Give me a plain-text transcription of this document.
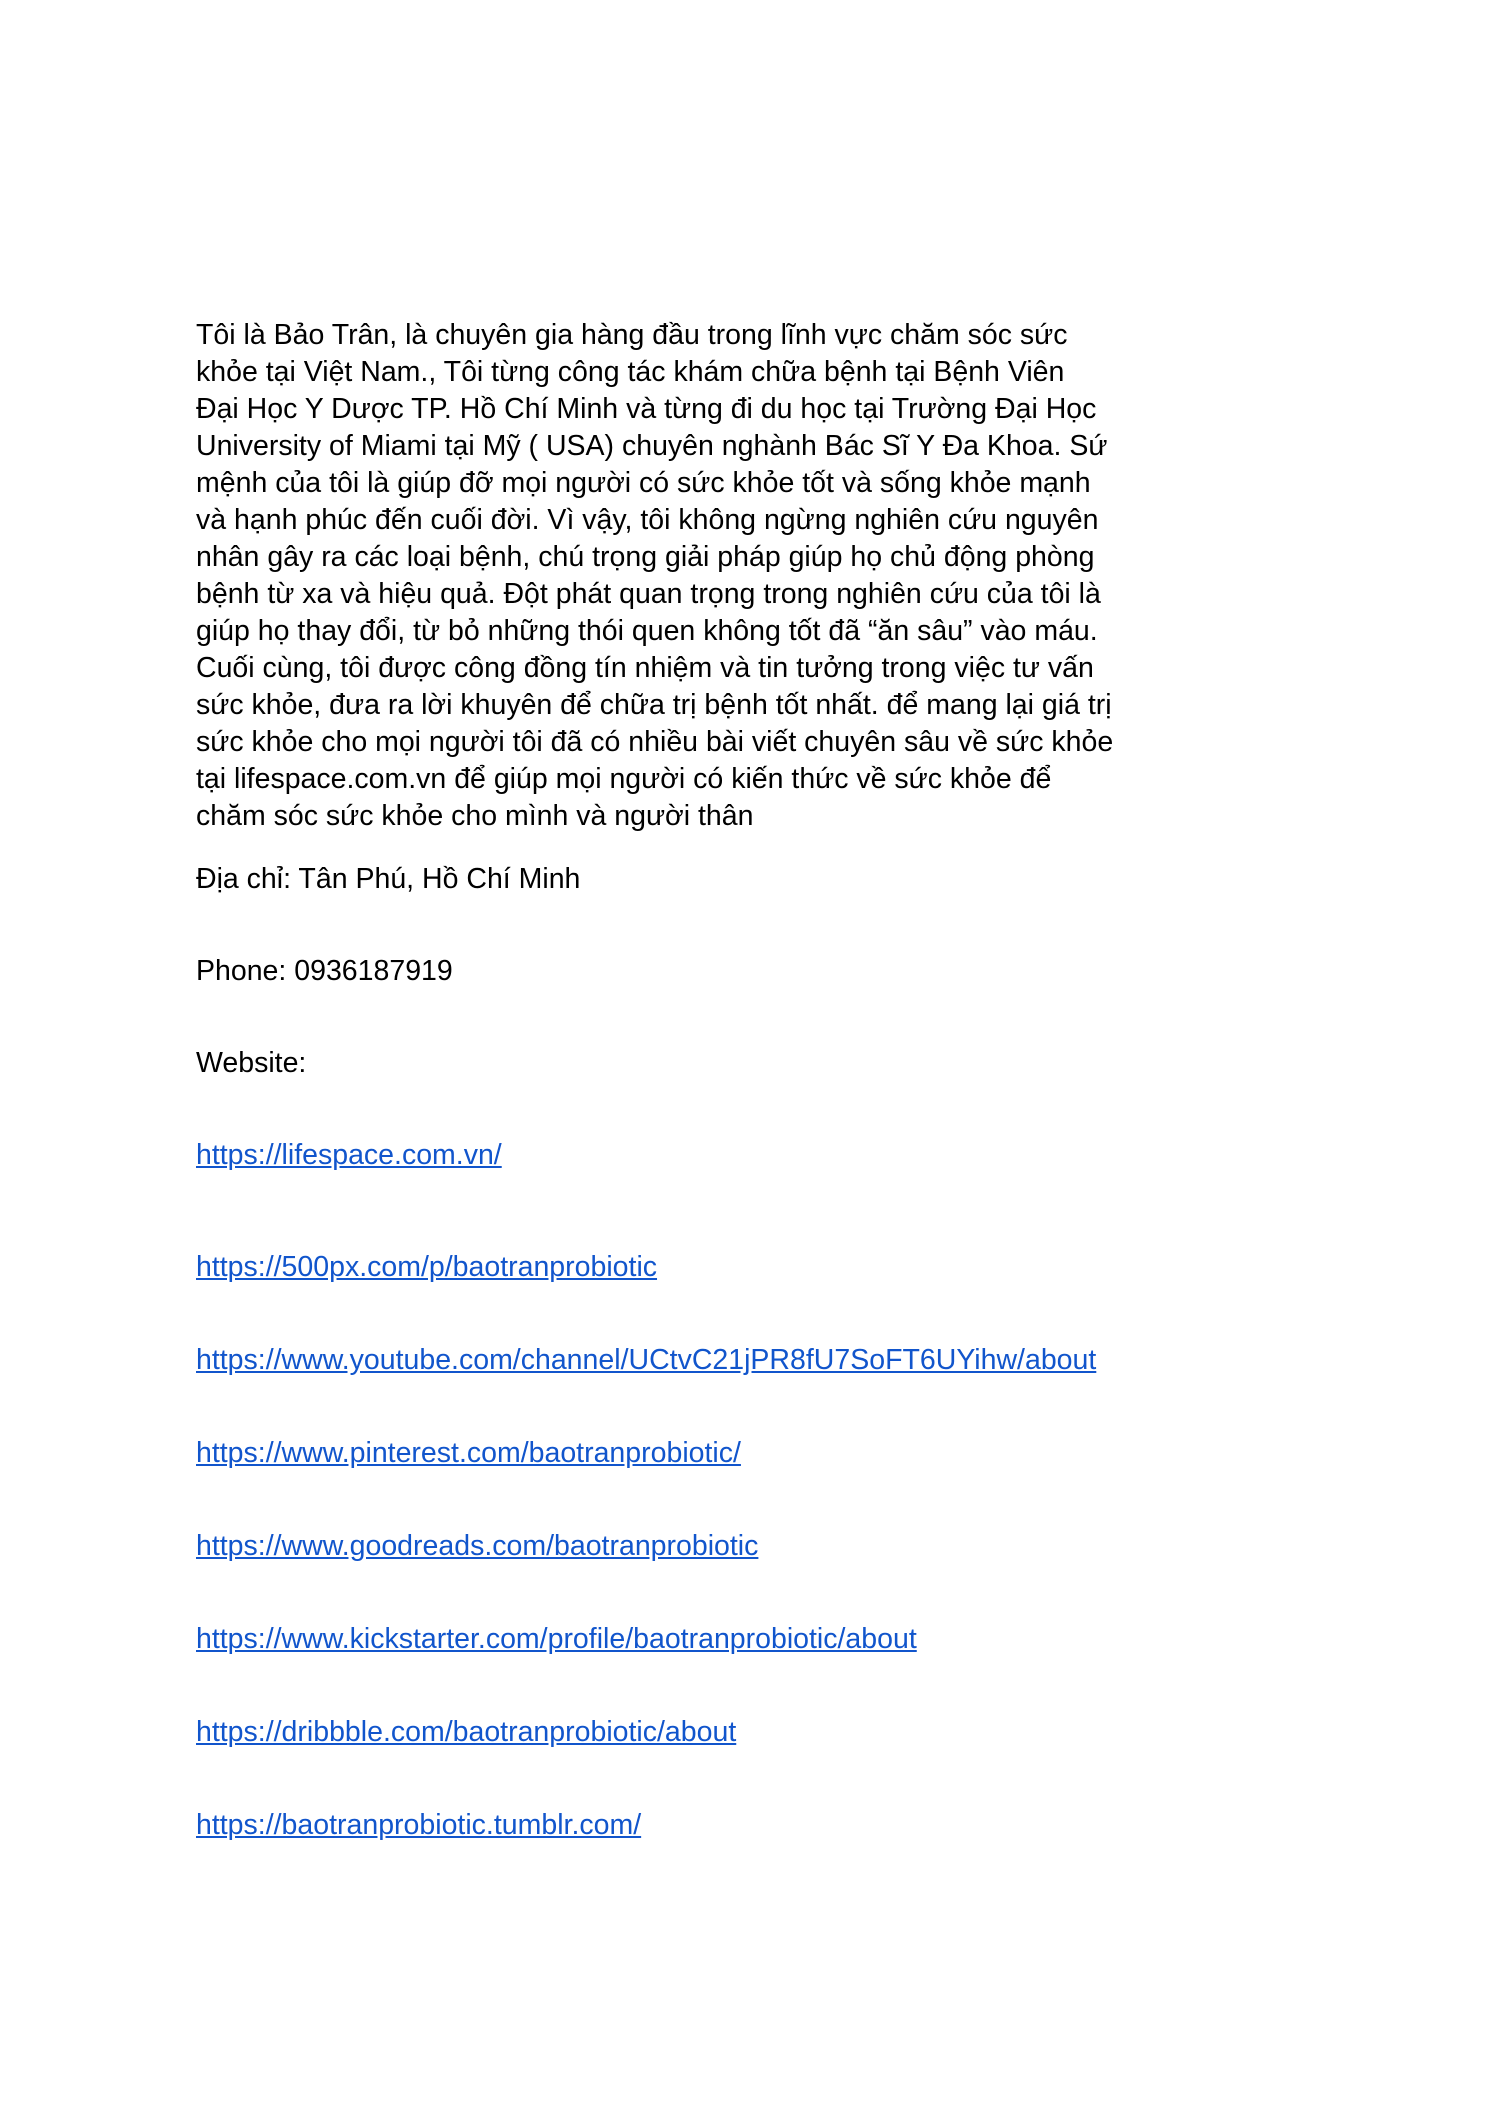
Tôi là Bảo Trân, là chuyên gia hàng đầu trong lĩnh vực chăm sóc sức
khỏe tại Việt Nam., Tôi từng công tác khám chữa bệnh tại Bệnh Viên
Đại Học Y Dược TP. Hồ Chí Minh và từng đi du học tại Trường Đại Học
University of Miami tại Mỹ ( USA) chuyên nghành Bác Sĩ Y Đa Khoa. Sứ
mệnh của tôi là giúp đỡ mọi người có sức khỏe tốt và sống khỏe mạnh
và hạnh phúc đến cuối đời. Vì vậy, tôi không ngừng nghiên cứu nguyên
nhân gây ra các loại bệnh, chú trọng giải pháp giúp họ chủ động phòng
bệnh từ xa và hiệu quả. Đột phát quan trọng trong nghiên cứu của tôi là
giúp họ thay đổi, từ bỏ những thói quen không tốt đã “ăn sâu” vào máu.
Cuối cùng, tôi được công đồng tín nhiệm và tin tưởng trong việc tư vấn
sức khỏe, đưa ra lời khuyên để chữa trị bệnh tốt nhất. để mang lại giá trị
sức khỏe cho mọi người tôi đã có nhiều bài viết chuyên sâu về sức khỏe
tại lifespace.com.vn để giúp mọi người có kiến thức về sức khỏe để
chăm sóc sức khỏe cho mình và người thân

Địa chỉ: Tân Phú, Hồ Chí Minh
Phone: 0936187919
Website:
https://lifespace.com.vn/
https://500px.com/p/baotranprobiotic
https://www.youtube.com/channel/UCtvC21jPR8fU7SoFT6UYihw/about
https://www.pinterest.com/baotranprobiotic/
https://www.goodreads.com/baotranprobiotic
https://www.kickstarter.com/profile/baotranprobiotic/about
https://dribbble.com/baotranprobiotic/about
https://baotranprobiotic.tumblr.com/
